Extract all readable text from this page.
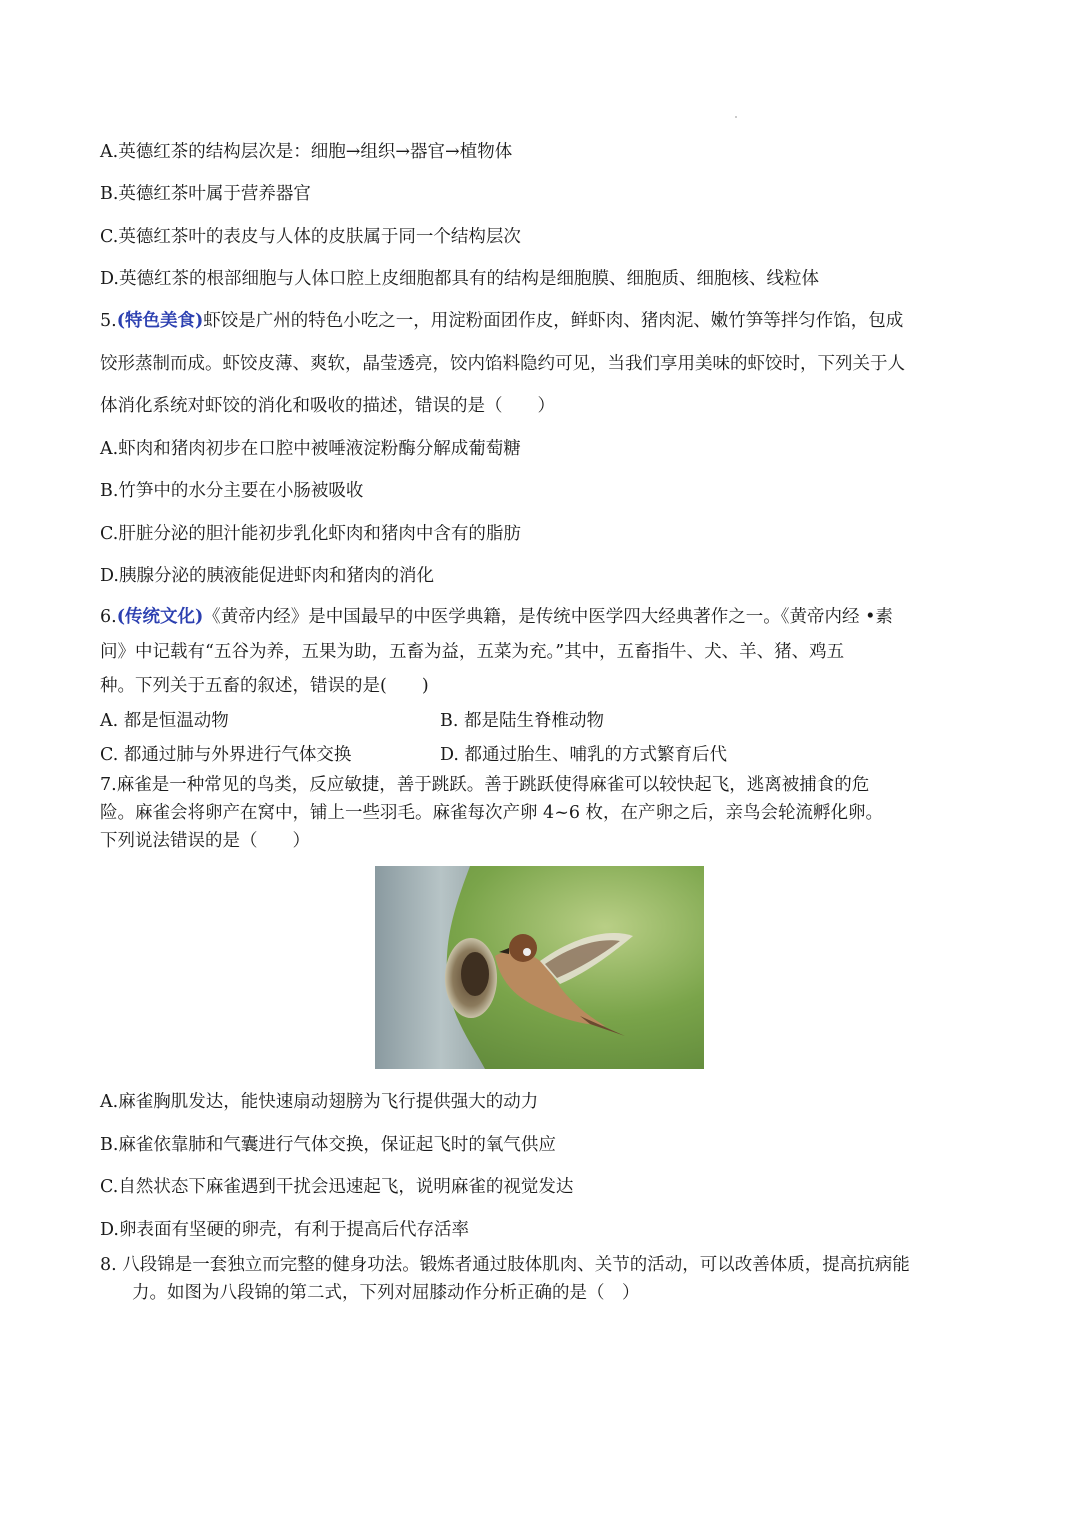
A.英德红茶的结构层次是：细胞→组织→器官→植物体
B.英德红茶叶属于营养器官
C.英德红茶叶的表皮与人体的皮肤属于同一个结构层次
D.英德红茶的根部细胞与人体口腔上皮细胞都具有的结构是细胞膜、细胞质、细胞核、线粒体
5.(特色美食)虾饺是广州的特色小吃之一，用淀粉面团作皮，鲜虾肉、猪肉泥、嫩竹笋等拌匀作馅，包成
饺形蒸制而成。虾饺皮薄、爽软，晶莹透亮，饺内馅料隐约可见，当我们享用美味的虾饺时，下列关于人
体消化系统对虾饺的消化和吸收的描述，错误的是（　　）
A.虾肉和猪肉初步在口腔中被唾液淀粉酶分解成葡萄糖
B.竹笋中的水分主要在小肠被吸收
C.肝脏分泌的胆汁能初步乳化虾肉和猪肉中含有的脂肪
D.胰腺分泌的胰液能促进虾肉和猪肉的消化
6.(传统文化)《黄帝内经》是中国最早的中医学典籍，是传统中医学四大经典著作之一。《黄帝内经 •素
问》中记载有“五谷为养，五果为助，五畜为益，五菜为充。”其中，五畜指牛、犬、羊、猪、鸡五
种。下列关于五畜的叙述，错误的是(　　)
A. 都是恒温动物	B. 都是陆生脊椎动物
C. 都通过肺与外界进行气体交换	D. 都通过胎生、哺乳的方式繁育后代
7.麻雀是一种常见的鸟类，反应敏捷，善于跳跃。善于跳跃使得麻雀可以较快起飞，逃离被捕食的危
险。麻雀会将卵产在窝中，铺上一些羽毛。麻雀每次产卵 4~6 枚，在产卵之后，亲鸟会轮流孵化卵。
下列说法错误的是（　　）
A.麻雀胸肌发达，能快速扇动翅膀为飞行提供强大的动力
B.麻雀依靠肺和气囊进行气体交换，保证起飞时的氧气供应
C.自然状态下麻雀遇到干扰会迅速起飞，说明麻雀的视觉发达
D.卵表面有坚硬的卵壳，有利于提高后代存活率
8. 八段锦是一套独立而完整的健身功法。锻炼者通过肢体肌肉、关节的活动，可以改善体质，提高抗病能
力。如图为八段锦的第二式，下列对屈膝动作分析正确的是（　）
